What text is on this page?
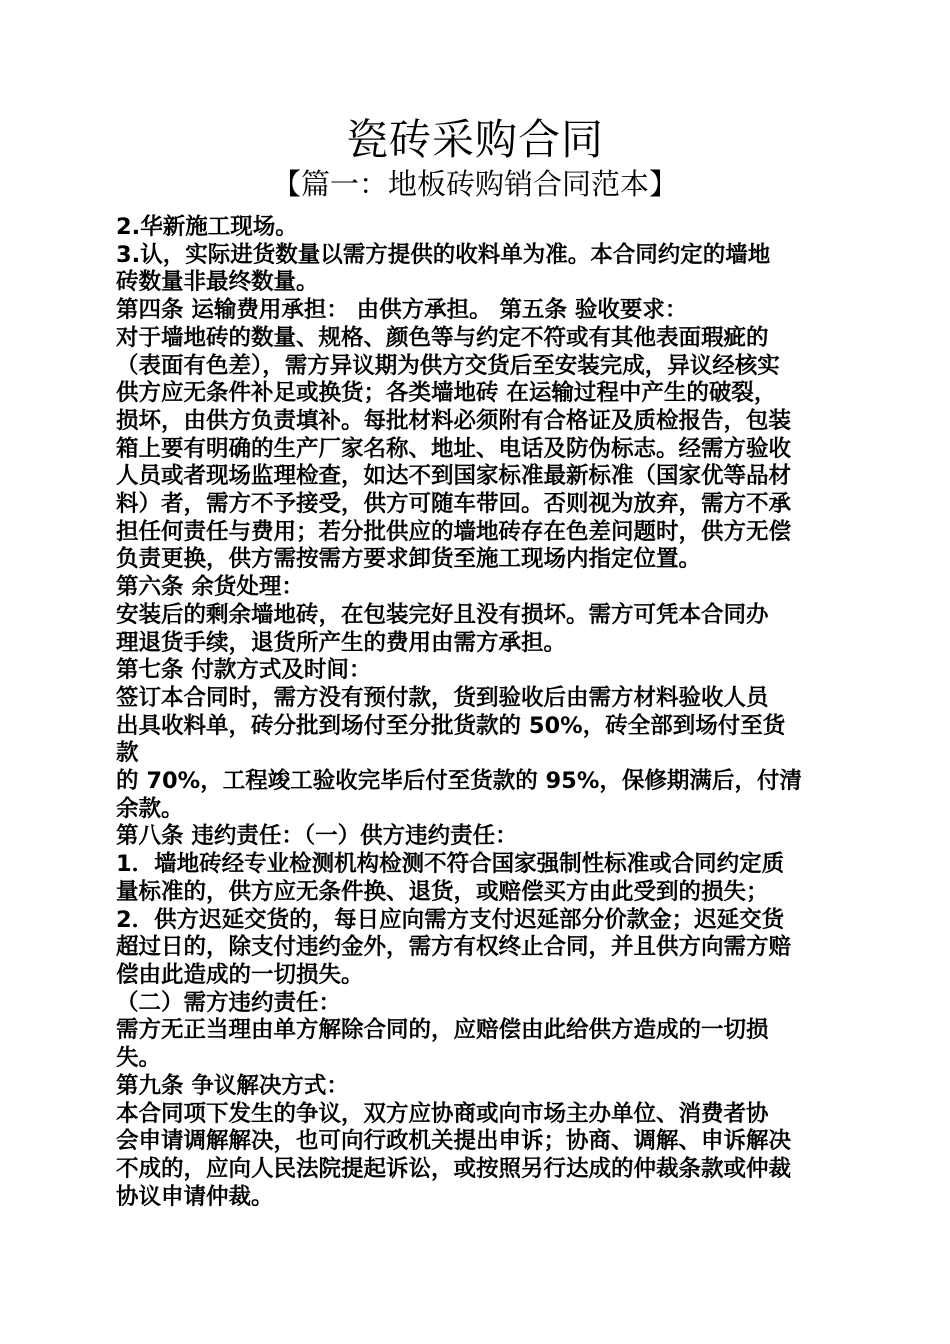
瓷砖采购合同
【篇一：地板砖购销合同范本】
2.华新施工现场。
3.认，实际进货数量以需方提供的收料单为准。本合同约定的墙地
砖数量非最终数量。
第四条 运输费用承担： 由供方承担。 第五条 验收要求：
对于墙地砖的数量、规格、颜色等与约定不符或有其他表面瑕疵的
（表面有色差），需方异议期为供方交货后至安装完成，异议经核实
供方应无条件补足或换货；各类墙地砖 在运输过程中产生的破裂，
损坏，由供方负责填补。每批材料必须附有合格证及质检报告，包装
箱上要有明确的生产厂家名称、地址、电话及防伪标志。经需方验收
人员或者现场监理检查，如达不到国家标准最新标准（国家优等品材
料）者，需方不予接受，供方可随车带回。否则视为放弃，需方不承
担任何责任与费用；若分批供应的墙地砖存在色差问题时，供方无偿
负责更换，供方需按需方要求卸货至施工现场内指定位置。
第六条 余货处理：
安装后的剩余墙地砖，在包装完好且没有损坏。需方可凭本合同办
理退货手续，退货所产生的费用由需方承担。
第七条 付款方式及时间：
签订本合同时，需方没有预付款，货到验收后由需方材料验收人员
出具收料单，砖分批到场付至分批货款的 50%，砖全部到场付至货
款
的 70%，工程竣工验收完毕后付至货款的 95%，保修期满后，付清
余款。
第八条 违约责任：（一）供方违约责任：
1．墙地砖经专业检测机构检测不符合国家强制性标准或合同约定质
量标准的，供方应无条件换、退货，或赔偿买方由此受到的损失；
2．供方迟延交货的，每日应向需方支付迟延部分价款金；迟延交货
超过日的，除支付违约金外，需方有权终止合同，并且供方向需方赔
偿由此造成的一切损失。
（二）需方违约责任：
需方无正当理由单方解除合同的，应赔偿由此给供方造成的一切损
失。
第九条 争议解决方式：
本合同项下发生的争议，双方应协商或向市场主办单位、消费者协
会申请调解解决，也可向行政机关提出申诉；协商、调解、申诉解决
不成的，应向人民法院提起诉讼，或按照另行达成的仲裁条款或仲裁
协议申请仲裁。
